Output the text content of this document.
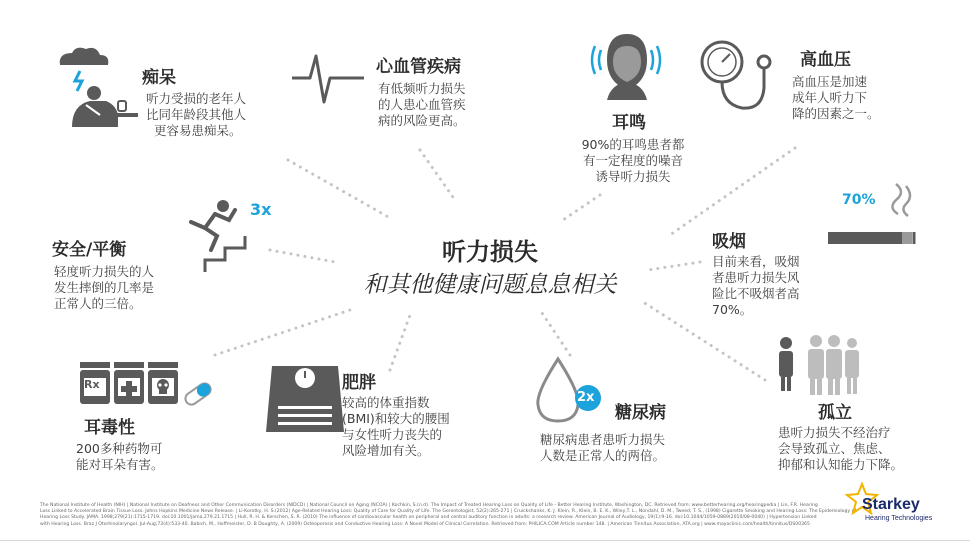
听力损失
和其他健康问题息息相关
痴呆
听力受损的老年人
比同年龄段其他人
更容易患痴呆。
心血管疾病
有低频听力损失
的人患心血管疾
病的风险更高。	耳鸣
90%的耳鸣患者都
有一定程度的噪音
诱导听力损失
高血压
高血压是加速
成年人听力下
降的因素之一。
3x
安全/平衡
轻度听力损失的人
发生摔倒的几率是
正常人的三倍。
70%
吸烟
目前来看，吸烟
者患听力损失风
险比不吸烟者高
70%。
Rx
耳毒性
200多种药物可
能对耳朵有害。
肥胖
较高的体重指数
(BMI)和较大的腰围
与女性听力丧失的
风险增加有关。
2x
糖尿病
糖尿病患者患听力损失
人数是正常人的两倍。
孤立
患听力损失不经治疗
会导致孤立、焦虑、
抑郁和认知能力下降。
The National Institute of Health (NIH) | National Institute on Deafness and Other Communication Disorders (NIDCD) | National Council on Aging (NCOA) | Kochkin, S.(n.d). The Impact of Treated Hearing Loss on Quality of Life - Better Hearing Institute, Washington, DC. Retrieved from: www.betterhearing.org/hearingpedia | Lin, F.R. Hearing
Loss Linked to Accelerated Brain Tissue Loss. Johns Hopkins Medicine News Release. | Li-Korotky, H. S.(2012) Age-Related Hearing Loss: Quality of Care for Quality of Life. The Gerontologist, 52(2):265-271 | Cruickshanks, K. J. Klein, R., Klein, B. E. K., Wiley,T. L., Nondahl, D. M., Tweed, T. S., (1998) Cigarette Smoking and Hearing Loss: The Epidemiology of
Hearing Loss Study. JAMA. 1998;279(21):1715-1719. doi:10.1001/jama.279.21.1715 | Hull, R. H. & Kerschen, S. R. (2010) The influence of cardiovascular health on peripheral and central auditory function in adults: a research review. American Journal of Audiology, 19(1):9-16. doi:10.1044/1059-0889(2010/08-0040) | Hypertension Linked
with Hearing Loss. Braz J Otorhinolaryngol. Jul-Aug;73(4):533-40. Babich, M., Hoffmeister, D. B Doughty, A. (2009) Osteoporosis and Conductive Hearing Loss: A Novel Model of Clinical Correlation. Retrieved from: PHILICA.COM Article number 148. | American Tinnitus Association, ATA.org | www.mayoclinic.com/health/tinnitus/DS00365
Starkey
Hearing Technologies
